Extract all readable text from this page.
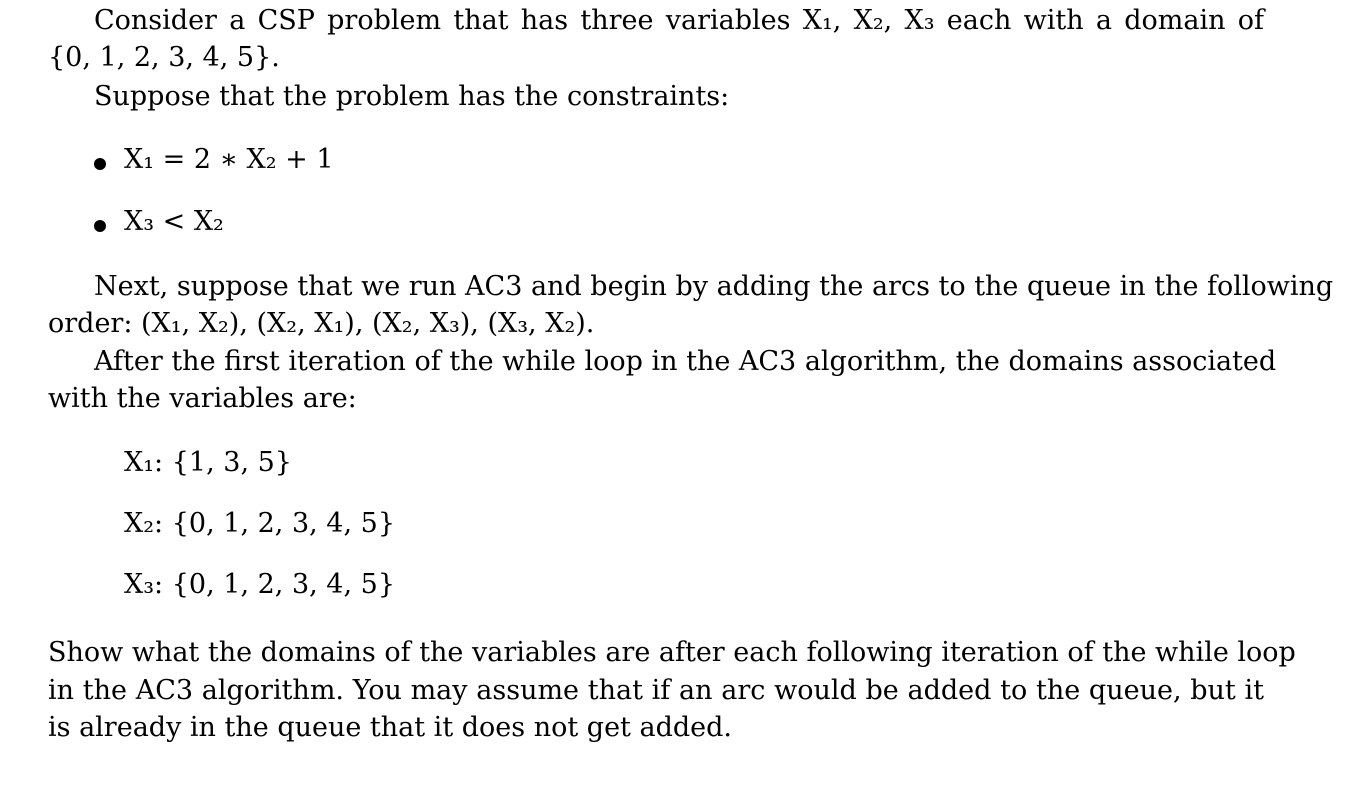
Consider a CSP problem that has three variables X₁, X₂, X₃ each with a domain of
{0, 1, 2, 3, 4, 5}.
Suppose that the problem has the constraints:
X₁ = 2 ∗ X₂ + 1
X₃ < X₂
Next, suppose that we run AC3 and begin by adding the arcs to the queue in the following
order: (X₁, X₂), (X₂, X₁), (X₂, X₃), (X₃, X₂).
After the first iteration of the while loop in the AC3 algorithm, the domains associated
with the variables are:
X₁: {1, 3, 5}
X₂: {0, 1, 2, 3, 4, 5}
X₃: {0, 1, 2, 3, 4, 5}
Show what the domains of the variables are after each following iteration of the while loop
in the AC3 algorithm. You may assume that if an arc would be added to the queue, but it
is already in the queue that it does not get added.
